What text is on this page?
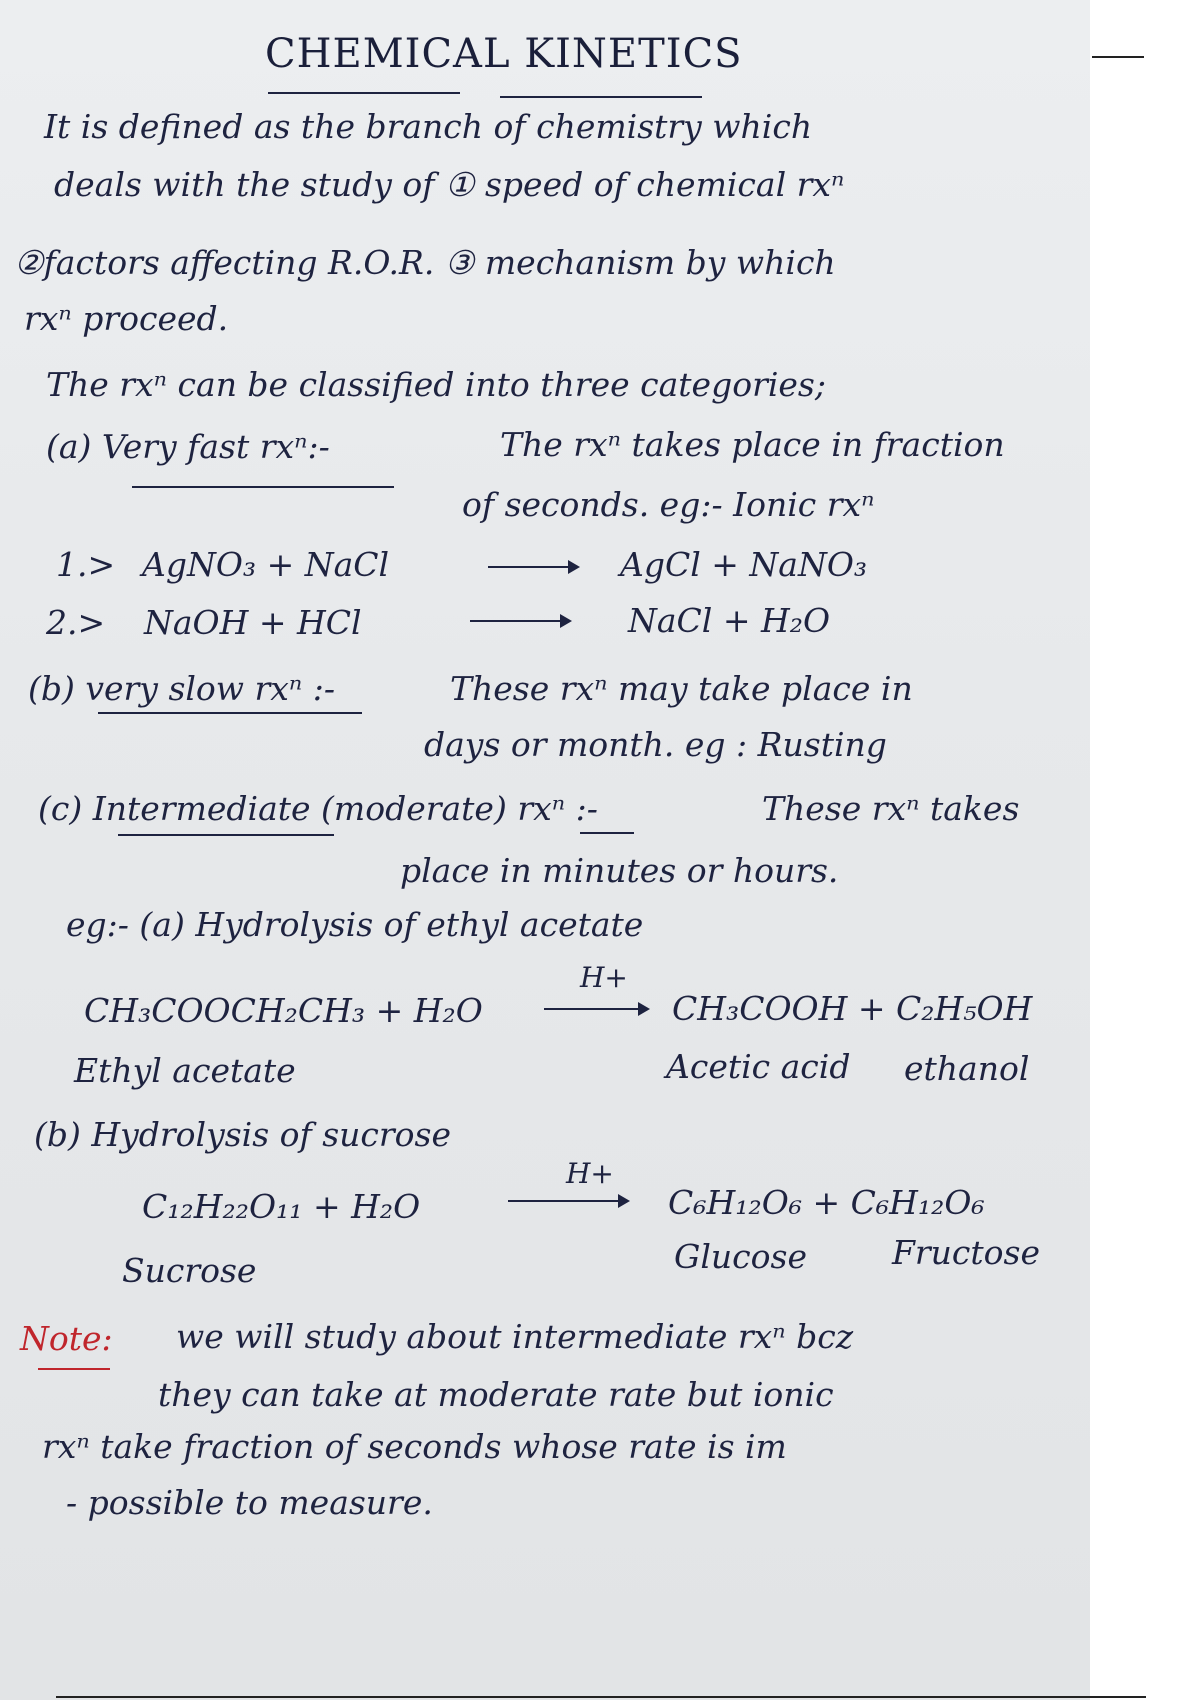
CHEMICAL KINETICS
It is defined as the branch of chemistry which
deals with the study of ① speed of chemical rxⁿ
②factors affecting R.O.R. ③ mechanism by which
rxⁿ proceed.
The rxⁿ can be classified into three categories;
(a) Very fast rxⁿ:-	The rxⁿ takes place in fraction
of seconds. eg:- Ionic rxⁿ
1.> AgNO₃ + NaCl	AgCl + NaNO₃
2.> NaOH + HCl	NaCl + H₂O
(b) very slow rxⁿ :-	These rxⁿ may take place in
days or month. eg : Rusting
(c) Intermediate (moderate) rxⁿ :-	These rxⁿ takes
place in minutes or hours.
eg:- (a) Hydrolysis of ethyl acetate
H+
CH₃COOCH₂CH₃ + H₂O	CH₃COOH + C₂H₅OH
Ethyl acetate	Acetic acid ethanol
(b) Hydrolysis of sucrose
H+
C₁₂H₂₂O₁₁ + H₂O	C₆H₁₂O₆ + C₆H₁₂O₆
Sucrose	Glucose	Fructose
Note: we will study about intermediate rxⁿ bcz
they can take at moderate rate but ionic
rxⁿ take fraction of seconds whose rate is im
- possible to measure.
